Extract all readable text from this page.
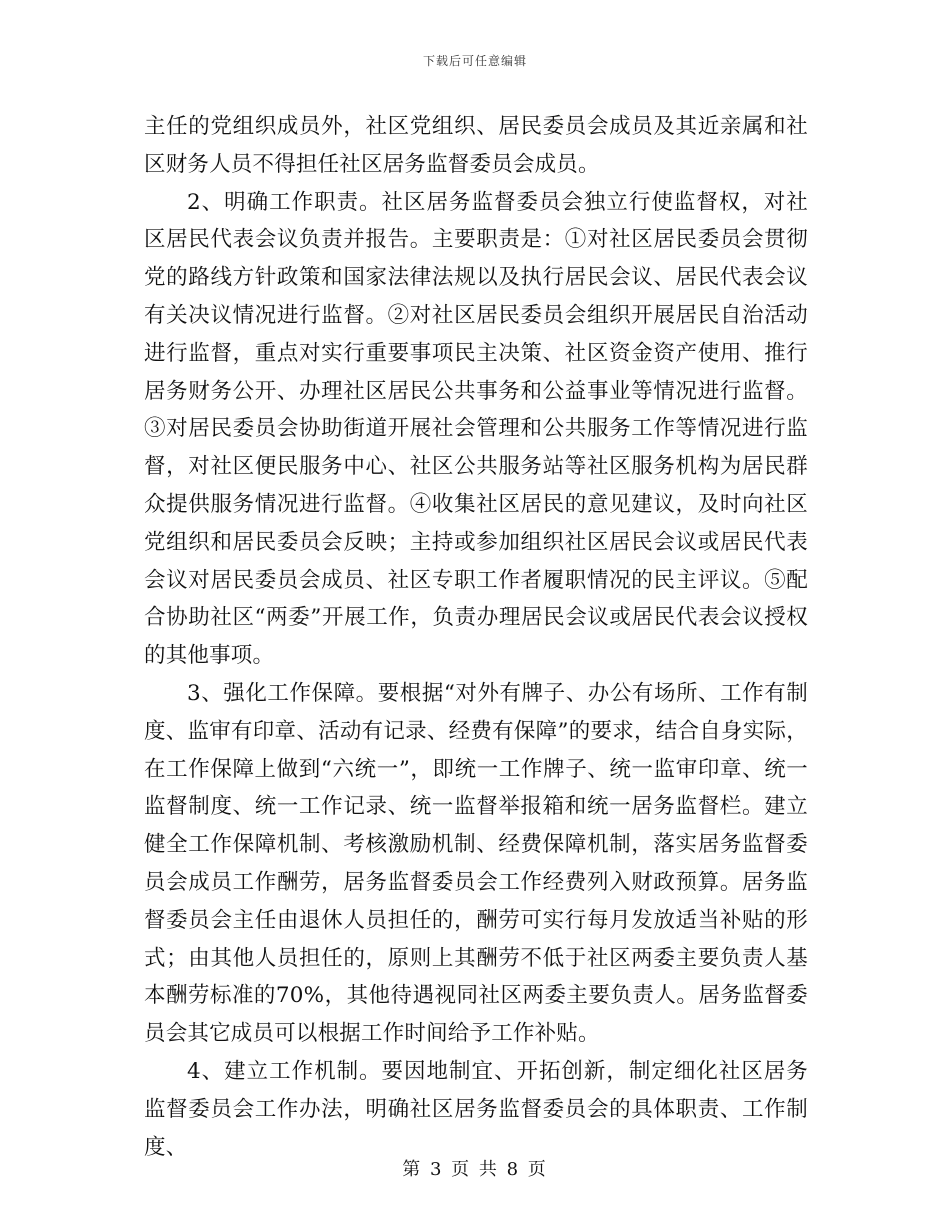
下载后可任意编辑

主任的党组织成员外，社区党组织、居民委员会成员及其近亲属和社区财务人员不得担任社区居务监督委员会成员。

2、明确工作职责。社区居务监督委员会独立行使监督权，对社区居民代表会议负责并报告。主要职责是：①对社区居民委员会贯彻党的路线方针政策和国家法律法规以及执行居民会议、居民代表会议有关决议情况进行监督。②对社区居民委员会组织开展居民自治活动进行监督，重点对实行重要事项民主决策、社区资金资产使用、推行居务财务公开、办理社区居民公共事务和公益事业等情况进行监督。③对居民委员会协助街道开展社会管理和公共服务工作等情况进行监督，对社区便民服务中心、社区公共服务站等社区服务机构为居民群众提供服务情况进行监督。④收集社区居民的意见建议，及时向社区党组织和居民委员会反映；主持或参加组织社区居民会议或居民代表会议对居民委员会成员、社区专职工作者履职情况的民主评议。⑤配合协助社区“两委”开展工作，负责办理居民会议或居民代表会议授权的其他事项。

3、强化工作保障。要根据“对外有牌子、办公有场所、工作有制度、监审有印章、活动有记录、经费有保障”的要求，结合自身实际，在工作保障上做到“六统一”，即统一工作牌子、统一监审印章、统一监督制度、统一工作记录、统一监督举报箱和统一居务监督栏。建立健全工作保障机制、考核激励机制、经费保障机制，落实居务监督委员会成员工作酬劳，居务监督委员会工作经费列入财政预算。居务监督委员会主任由退休人员担任的，酬劳可实行每月发放适当补贴的形式；由其他人员担任的，原则上其酬劳不低于社区两委主要负责人基本酬劳标准的70%，其他待遇视同社区两委主要负责人。居务监督委员会其它成员可以根据工作时间给予工作补贴。

4、建立工作机制。要因地制宜、开拓创新，制定细化社区居务监督委员会工作办法，明确社区居务监督委员会的具体职责、工作制度、

第 3 页 共 8 页
